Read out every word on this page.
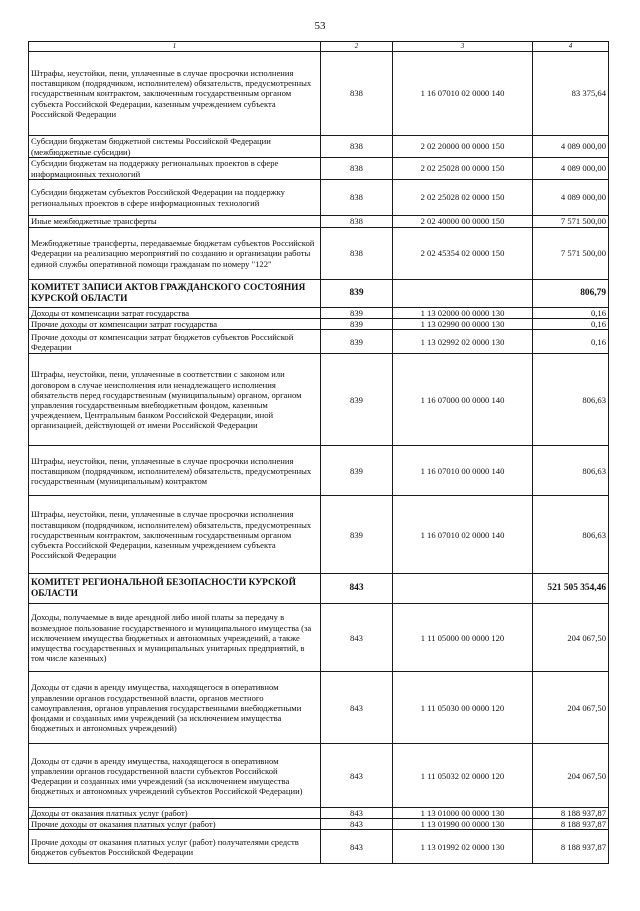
53
1	2	3	4
Штрафы, неустойки, пени, уплаченные в случае просрочки исполнения поставщиком (подрядчиком, исполнителем) обязательств, предусмотренных государственным контрактом, заключенным государственным органом субъекта Российской Федерации, казенным учреждением субъекта Российской Федерации	838	1 16 07010 02 0000 140	83 375,64
Субсидии бюджетам бюджетной системы Российской Федерации (межбюджетные субсидии)	838	2 02 20000 00 0000 150	4 089 000,00
Субсидии бюджетам на поддержку региональных проектов в сфере информационных технологий	838	2 02 25028 00 0000 150	4 089 000,00
Субсидии бюджетам субъектов Российской Федерации на поддержку региональных проектов в сфере информационных технологий	838	2 02 25028 02 0000 150	4 089 000,00
Иные межбюджетные трансферты	838	2 02 40000 00 0000 150	7 571 500,00
Межбюджетные трансферты, передаваемые бюджетам субъектов Российской Федерации на реализацию мероприятий по созданию и организации работы единой службы оперативной помощи гражданам по номеру "122"	838	2 02 45354 02 0000 150	7 571 500,00
КОМИТЕТ ЗАПИСИ АКТОВ ГРАЖДАНСКОГО СОСТОЯНИЯ КУРСКОЙ ОБЛАСТИ	839		806,79
Доходы от компенсации затрат государства	839	1 13 02000 00 0000 130	0,16
Прочие доходы от компенсации затрат государства	839	1 13 02990 00 0000 130	0,16
Прочие доходы от компенсации затрат бюджетов субъектов Российской Федерации	839	1 13 02992 02 0000 130	0,16
Штрафы, неустойки, пени, уплаченные в соответствии с законом или договором в случае неисполнения или ненадлежащего исполнения обязательств перед государственным (муниципальным) органом, органом управления государственным внебюджетным фондом, казенным учреждением, Центральным банком Российской Федерации, иной организацией, действующей от имени Российской Федерации	839	1 16 07000 00 0000 140	806,63
Штрафы, неустойки, пени, уплаченные в случае просрочки исполнения поставщиком (подрядчиком, исполнителем) обязательств, предусмотренных государственным (муниципальным) контрактом	839	1 16 07010 00 0000 140	806,63
Штрафы, неустойки, пени, уплаченные в случае просрочки исполнения поставщиком (подрядчиком, исполнителем) обязательств, предусмотренных государственным контрактом, заключенным государственным органом субъекта Российской Федерации, казенным учреждением субъекта Российской Федерации	839	1 16 07010 02 0000 140	806,63
КОМИТЕТ РЕГИОНАЛЬНОЙ БЕЗОПАСНОСТИ КУРСКОЙ ОБЛАСТИ	843		521 505 354,46
Доходы, получаемые в виде арендной либо иной платы за передачу в возмездное пользование государственного и муниципального имущества (за исключением имущества бюджетных и автономных учреждений, а также имущества государственных и муниципальных унитарных предприятий, в том числе казенных)	843	1 11 05000 00 0000 120	204 067,50
Доходы от сдачи в аренду имущества, находящегося в оперативном управлении органов государственной власти, органов местного самоуправления, органов управления государственными внебюджетными фондами и созданных ими учреждений (за исключением имущества бюджетных и автономных учреждений)	843	1 11 05030 00 0000 120	204 067,50
Доходы от сдачи в аренду имущества, находящегося в оперативном управлении органов государственной власти субъектов Российской Федерации и созданных ими учреждений (за исключением имущества бюджетных и автономных учреждений субъектов Российской Федерации)	843	1 11 05032 02 0000 120	204 067,50
Доходы от оказания платных услуг (работ)	843	1 13 01000 00 0000 130	8 188 937,87
Прочие доходы от оказания платных услуг (работ)	843	1 13 01990 00 0000 130	8 188 937,87
Прочие доходы от оказания платных услуг (работ) получателями средств бюджетов субъектов Российской Федерации	843	1 13 01992 02 0000 130	8 188 937,87
